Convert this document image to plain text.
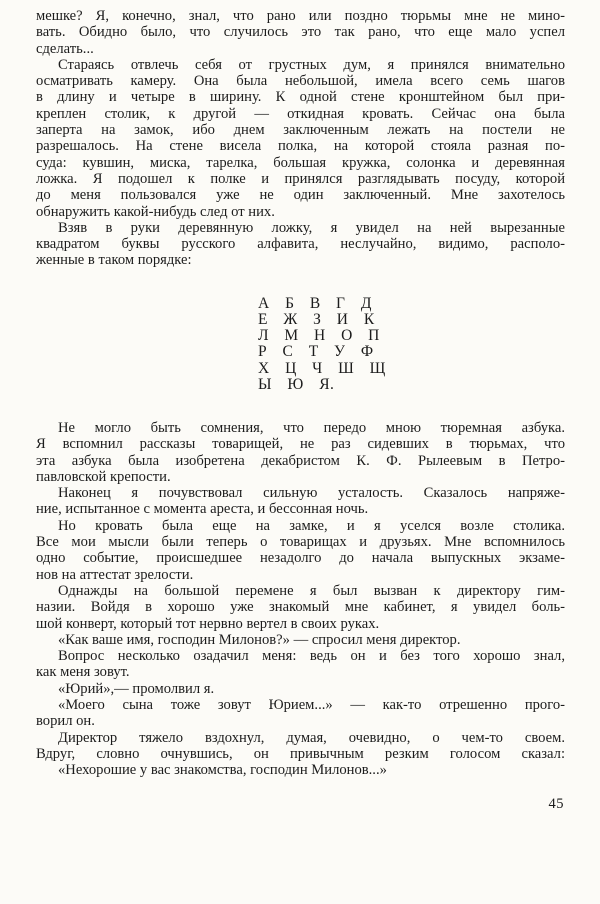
мешке? Я, конечно, знал, что рано или поздно тюрьмы мне не мино-
вать. Обидно было, что случилось это так рано, что еще мало успел
сделать...
Стараясь отвлечь себя от грустных дум, я принялся внимательно
осматривать камеру. Она была небольшой, имела всего семь шагов
в длину и четыре в ширину. К одной стене кронштейном был при-
креплен столик, к другой — откидная кровать. Сейчас она была
заперта на замок, ибо днем заключенным лежать на постели не
разрешалось. На стене висела полка, на которой стояла разная по-
суда: кувшин, миска, тарелка, большая кружка, солонка и деревянная
ложка. Я подошел к полке и принялся разглядывать посуду, которой
до меня пользовался уже не один заключенный. Мне захотелось
обнаружить какой-нибудь след от них.
Взяв в руки деревянную ложку, я увидел на ней вырезанные
квадратом буквы русского алфавита, неслучайно, видимо, располо-
женные в таком порядке:
А Б В Г Д
Е Ж З И К
Л М Н О П
Р С Т У Ф
Х Ц Ч Ш Щ
Ы Ю Я.
Не могло быть сомнения, что передо мною тюремная азбука.
Я вспомнил рассказы товарищей, не раз сидевших в тюрьмах, что
эта азбука была изобретена декабристом К. Ф. Рылеевым в Петро-
павловской крепости.
Наконец я почувствовал сильную усталость. Сказалось напряже-
ние, испытанное с момента ареста, и бессонная ночь.
Но кровать была еще на замке, и я уселся возле столика.
Все мои мысли были теперь о товарищах и друзьях. Мне вспомнилось
одно событие, происшедшее незадолго до начала выпускных экзаме-
нов на аттестат зрелости.
Однажды на большой перемене я был вызван к директору гим-
назии. Войдя в хорошо уже знакомый мне кабинет, я увидел боль-
шой конверт, который тот нервно вертел в своих руках.
«Как ваше имя, господин Милонов?» — спросил меня директор.
Вопрос несколько озадачил меня: ведь он и без того хорошо знал,
как меня зовут.
«Юрий»,— промолвил я.
«Моего сына тоже зовут Юрием...» — как-то отрешенно прого-
ворил он.
Директор тяжело вздохнул, думая, очевидно, о чем-то своем.
Вдруг, словно очнувшись, он привычным резким голосом сказал:
«Нехорошие у вас знакомства, господин Милонов...»
45
